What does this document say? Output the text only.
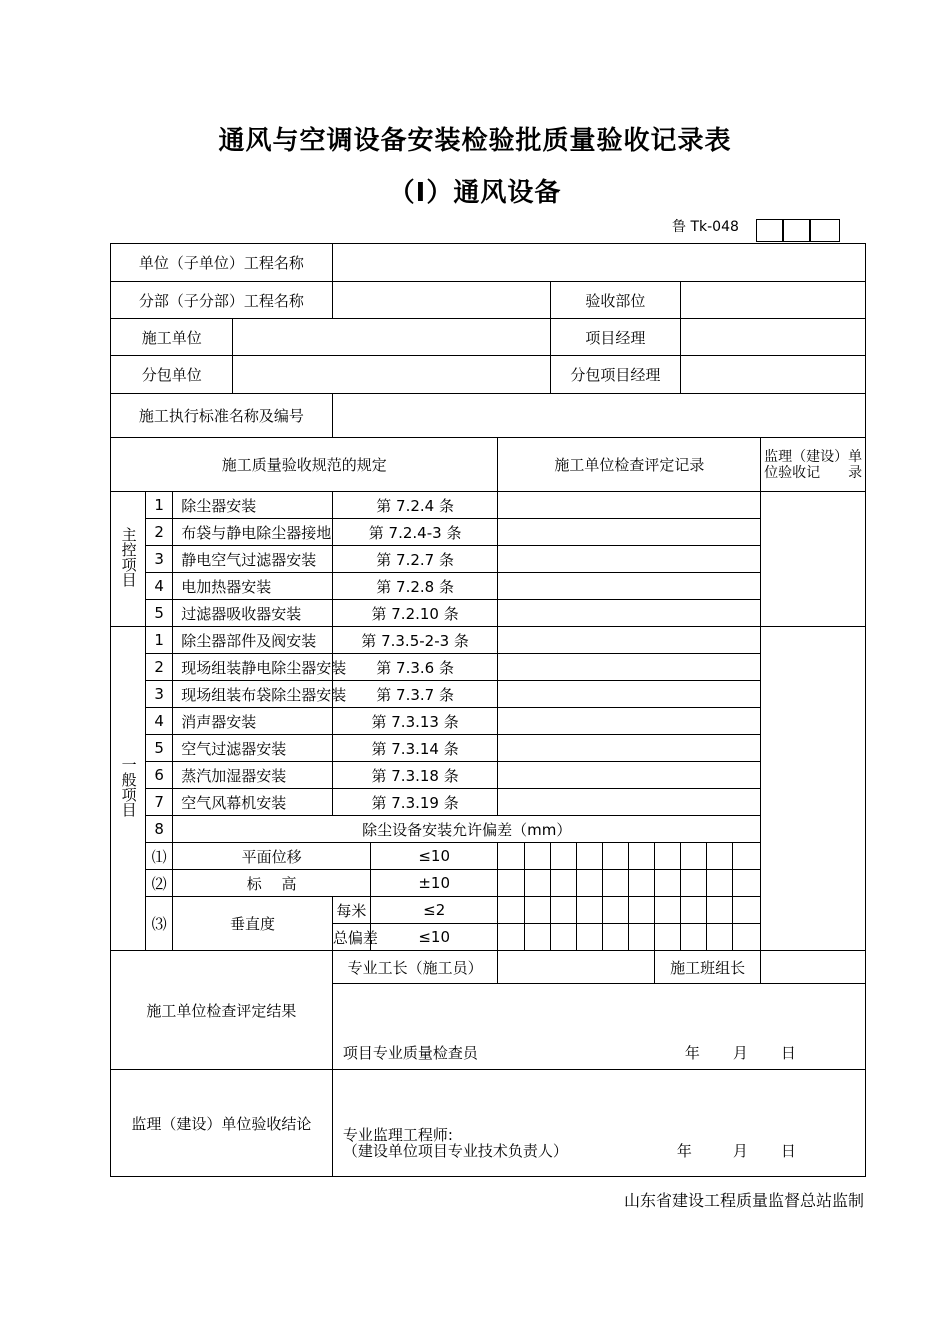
通风与空调设备安装检验批质量验收记录表
（Ⅰ）通风设备
鲁 Tk-048
单位（子单位）工程名称																
分部（子分部）工程名称								验收部位								
施工单位								项目经理								
分包单位								分包项目经理								
施工执行标准名称及编号																
施工质量验收规范的规定						施工单位检查评定记录										监理（建设）单位验收记　　录
主控项目	1	除尘器安装		第 7.2.4 条												
	2	布袋与静电除尘器接地		第 7.2.4-3 条												
	3	静电空气过滤器安装		第 7.2.7 条												
	4	电加热器安装		第 7.2.8 条												
	5	过滤器吸收器安装		第 7.2.10 条												
一般项目	1	除尘器部件及阀安装		第 7.3.5-2-3 条												
	2	现场组装静电除尘器安装		第 7.3.6 条												
	3	现场组装布袋除尘器安装		第 7.3.7 条												
	4	消声器安装		第 7.3.13 条												
	5	空气过滤器安装		第 7.3.14 条												
	6	蒸汽加湿器安装		第 7.3.18 条												
	7	空气风幕机安装		第 7.3.19 条												
	8	除尘设备安装允许偏差（mm）														
	⑴	平面位移			≤10											
	⑵	标　 高			±10											
	⑶	垂直度		每米	≤2											
				总偏差	≤10											
施工单位检查评定结果				专业工长（施工员）								施工班组长				

				项目专业质量检查员 年 月 日												

监理（建设）单位验收结论				专业监理工程师:
（建设单位项目专业技术负责人） 年 月 日												
山东省建设工程质量监督总站监制
